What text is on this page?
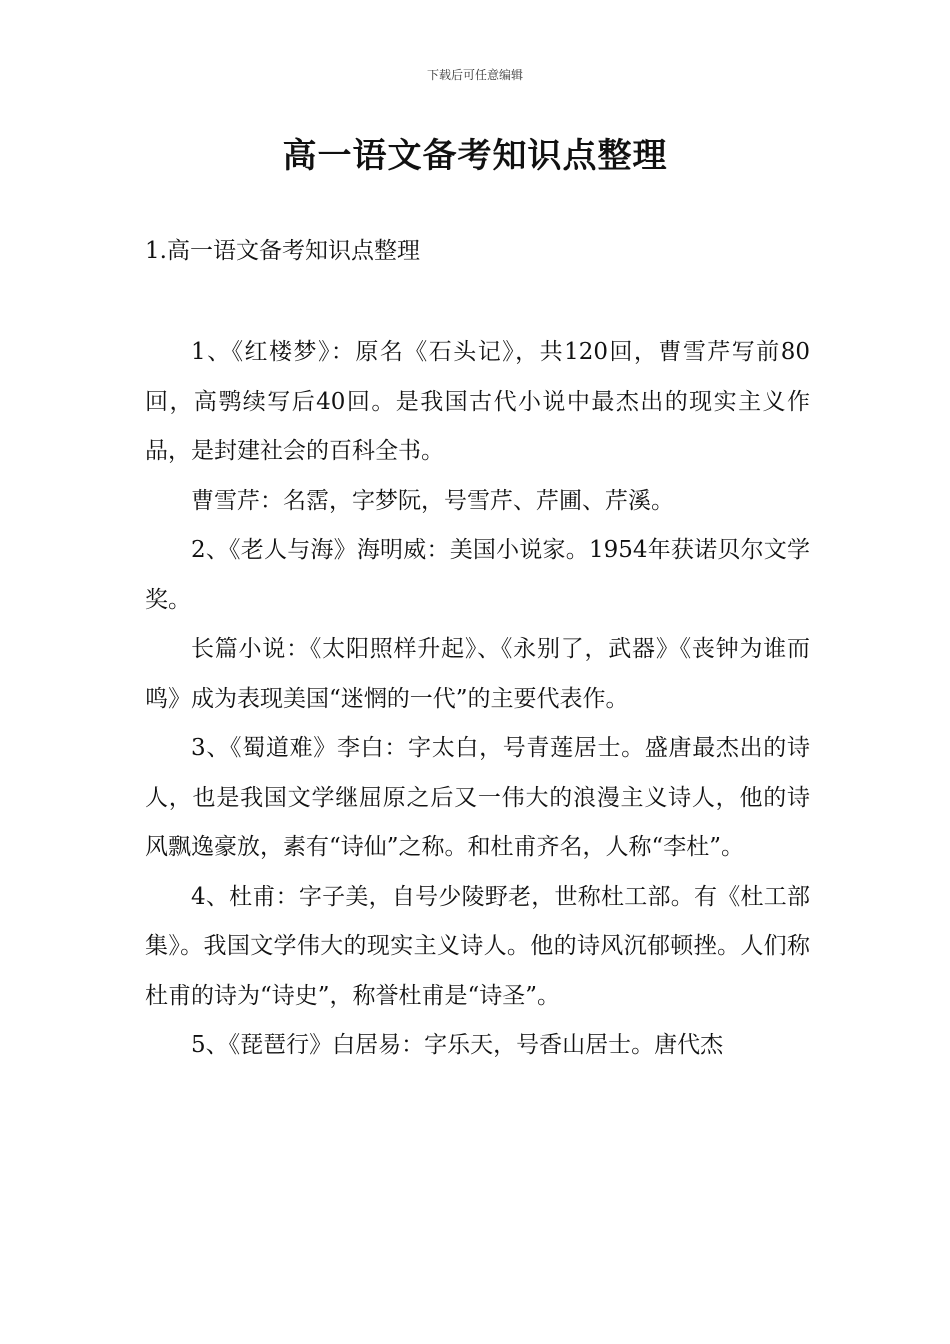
下载后可任意编辑
高一语文备考知识点整理
1.高一语文备考知识点整理

1、《红楼梦》：原名《石头记》，共120回，曹雪芹写前80回，高鹗续写后40回。是我国古代小说中最杰出的现实主义作品，是封建社会的百科全书。

曹雪芹：名霑，字梦阮，号雪芹、芹圃、芹溪。

2、《老人与海》海明威：美国小说家。1954年获诺贝尔文学奖。

长篇小说：《太阳照样升起》、《永别了，武器》《丧钟为谁而鸣》成为表现美国“迷惘的一代”的主要代表作。

3、《蜀道难》李白：字太白，号青莲居士。盛唐最杰出的诗人，也是我国文学继屈原之后又一伟大的浪漫主义诗人，他的诗风飘逸豪放，素有“诗仙”之称。和杜甫齐名，人称“李杜”。

4、杜甫：字子美，自号少陵野老，世称杜工部。有《杜工部集》。我国文学伟大的现实主义诗人。他的诗风沉郁顿挫。人们称杜甫的诗为“诗史”，称誉杜甫是“诗圣”。

5、《琵琶行》白居易：字乐天，号香山居士。唐代杰
